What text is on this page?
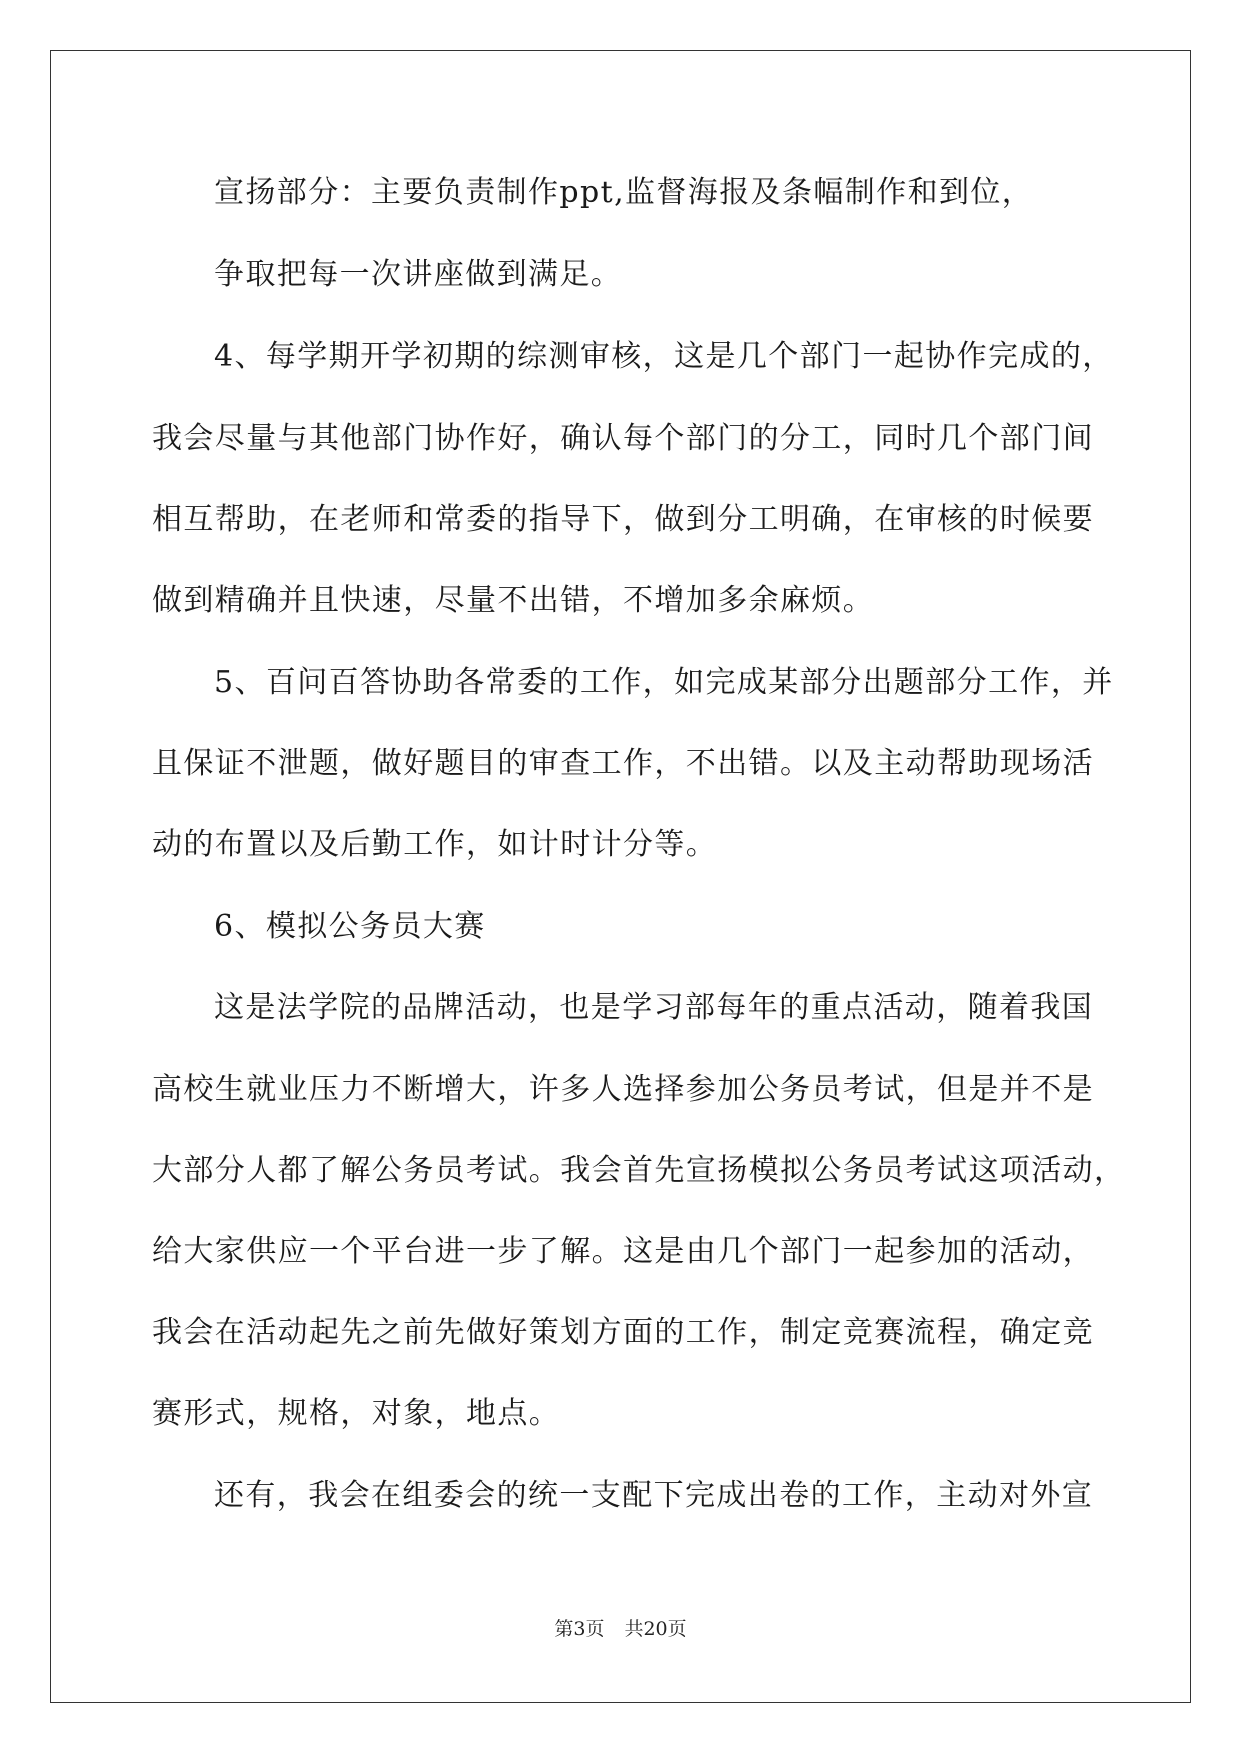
宣扬部分：主要负责制作ppt,监督海报及条幅制作和到位，
争取把每一次讲座做到满足。
4、每学期开学初期的综测审核，这是几个部门一起协作完成的，
我会尽量与其他部门协作好，确认每个部门的分工，同时几个部门间
相互帮助，在老师和常委的指导下，做到分工明确，在审核的时候要
做到精确并且快速，尽量不出错，不增加多余麻烦。
5、百问百答协助各常委的工作，如完成某部分出题部分工作，并
且保证不泄题，做好题目的审查工作，不出错。以及主动帮助现场活
动的布置以及后勤工作，如计时计分等。
6、模拟公务员大赛
这是法学院的品牌活动，也是学习部每年的重点活动，随着我国
高校生就业压力不断增大，许多人选择参加公务员考试，但是并不是
大部分人都了解公务员考试。我会首先宣扬模拟公务员考试这项活动，
给大家供应一个平台进一步了解。这是由几个部门一起参加的活动，
我会在活动起先之前先做好策划方面的工作，制定竞赛流程，确定竞
赛形式，规格，对象，地点。
还有，我会在组委会的统一支配下完成出卷的工作，主动对外宣
第3页 共20页
